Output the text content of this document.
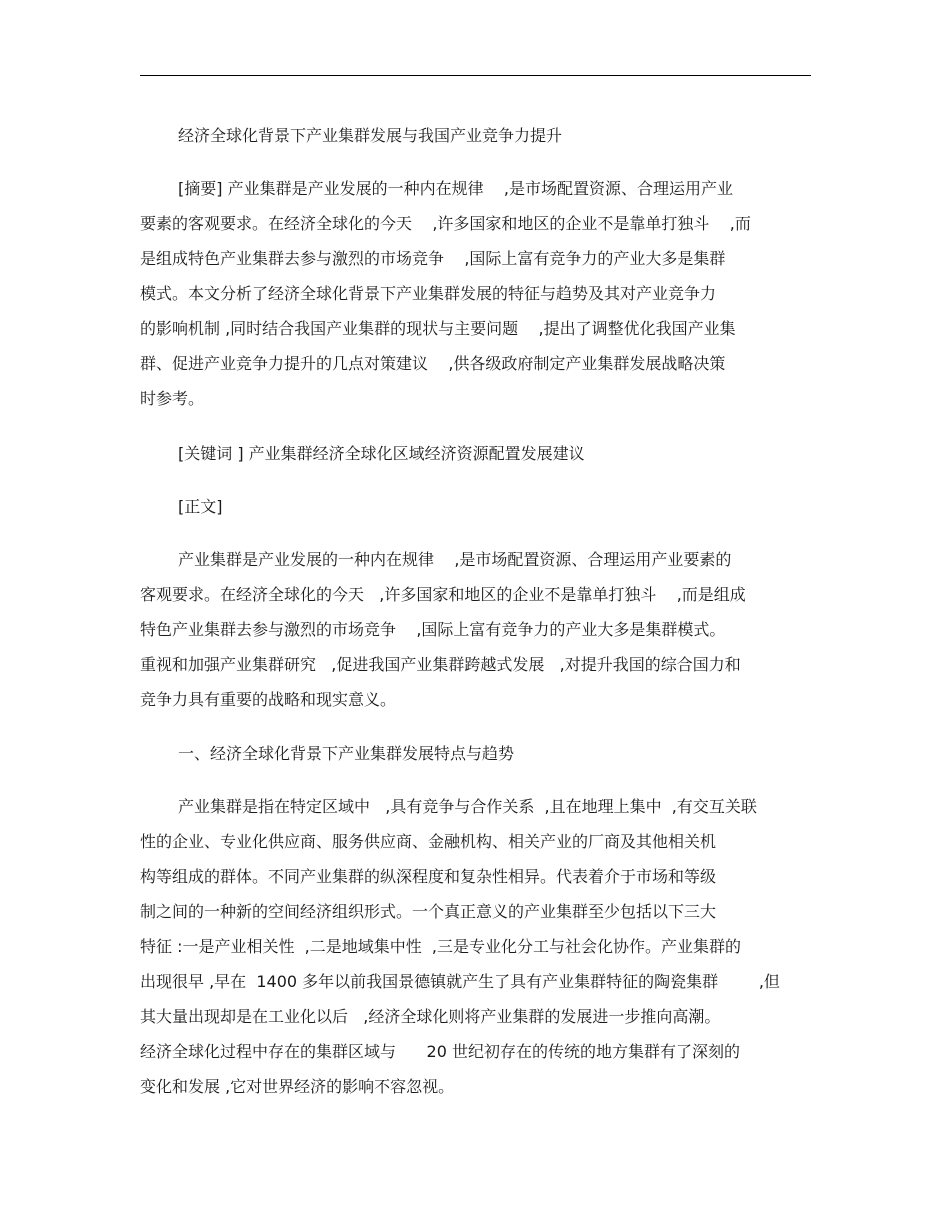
经济全球化背景下产业集群发展与我国产业竞争力提升
[摘要] 产业集群是产业发展的一种内在规律    ,是市场配置资源、合理运用产业
要素的客观要求。在经济全球化的今天    ,许多国家和地区的企业不是靠单打独斗    ,而
是组成特色产业集群去参与激烈的市场竞争    ,国际上富有竞争力的产业大多是集群
模式。本文分析了经济全球化背景下产业集群发展的特征与趋势及其对产业竞争力
的影响机制 ,同时结合我国产业集群的现状与主要问题    ,提出了调整优化我国产业集
群、促进产业竞争力提升的几点对策建议    ,供各级政府制定产业集群发展战略决策
时参考。
[关键词 ] 产业集群经济全球化区域经济资源配置发展建议
[正文]
产业集群是产业发展的一种内在规律    ,是市场配置资源、合理运用产业要素的
客观要求。在经济全球化的今天   ,许多国家和地区的企业不是靠单打独斗    ,而是组成
特色产业集群去参与激烈的市场竞争    ,国际上富有竞争力的产业大多是集群模式。
重视和加强产业集群研究   ,促进我国产业集群跨越式发展   ,对提升我国的综合国力和
竞争力具有重要的战略和现实意义。
一、经济全球化背景下产业集群发展特点与趋势
产业集群是指在特定区域中   ,具有竞争与合作关系  ,且在地理上集中  ,有交互关联
性的企业、专业化供应商、服务供应商、金融机构、相关产业的厂商及其他相关机
构等组成的群体。不同产业集群的纵深程度和复杂性相异。代表着介于市场和等级
制之间的一种新的空间经济组织形式。一个真正意义的产业集群至少包括以下三大
特征 :一是产业相关性  ,二是地域集中性  ,三是专业化分工与社会化协作。产业集群的
出现很早 ,早在  1400 多年以前我国景德镇就产生了具有产业集群特征的陶瓷集群        ,但
其大量出现却是在工业化以后   ,经济全球化则将产业集群的发展进一步推向高潮。
经济全球化过程中存在的集群区域与      20 世纪初存在的传统的地方集群有了深刻的
变化和发展 ,它对世界经济的影响不容忽视。
